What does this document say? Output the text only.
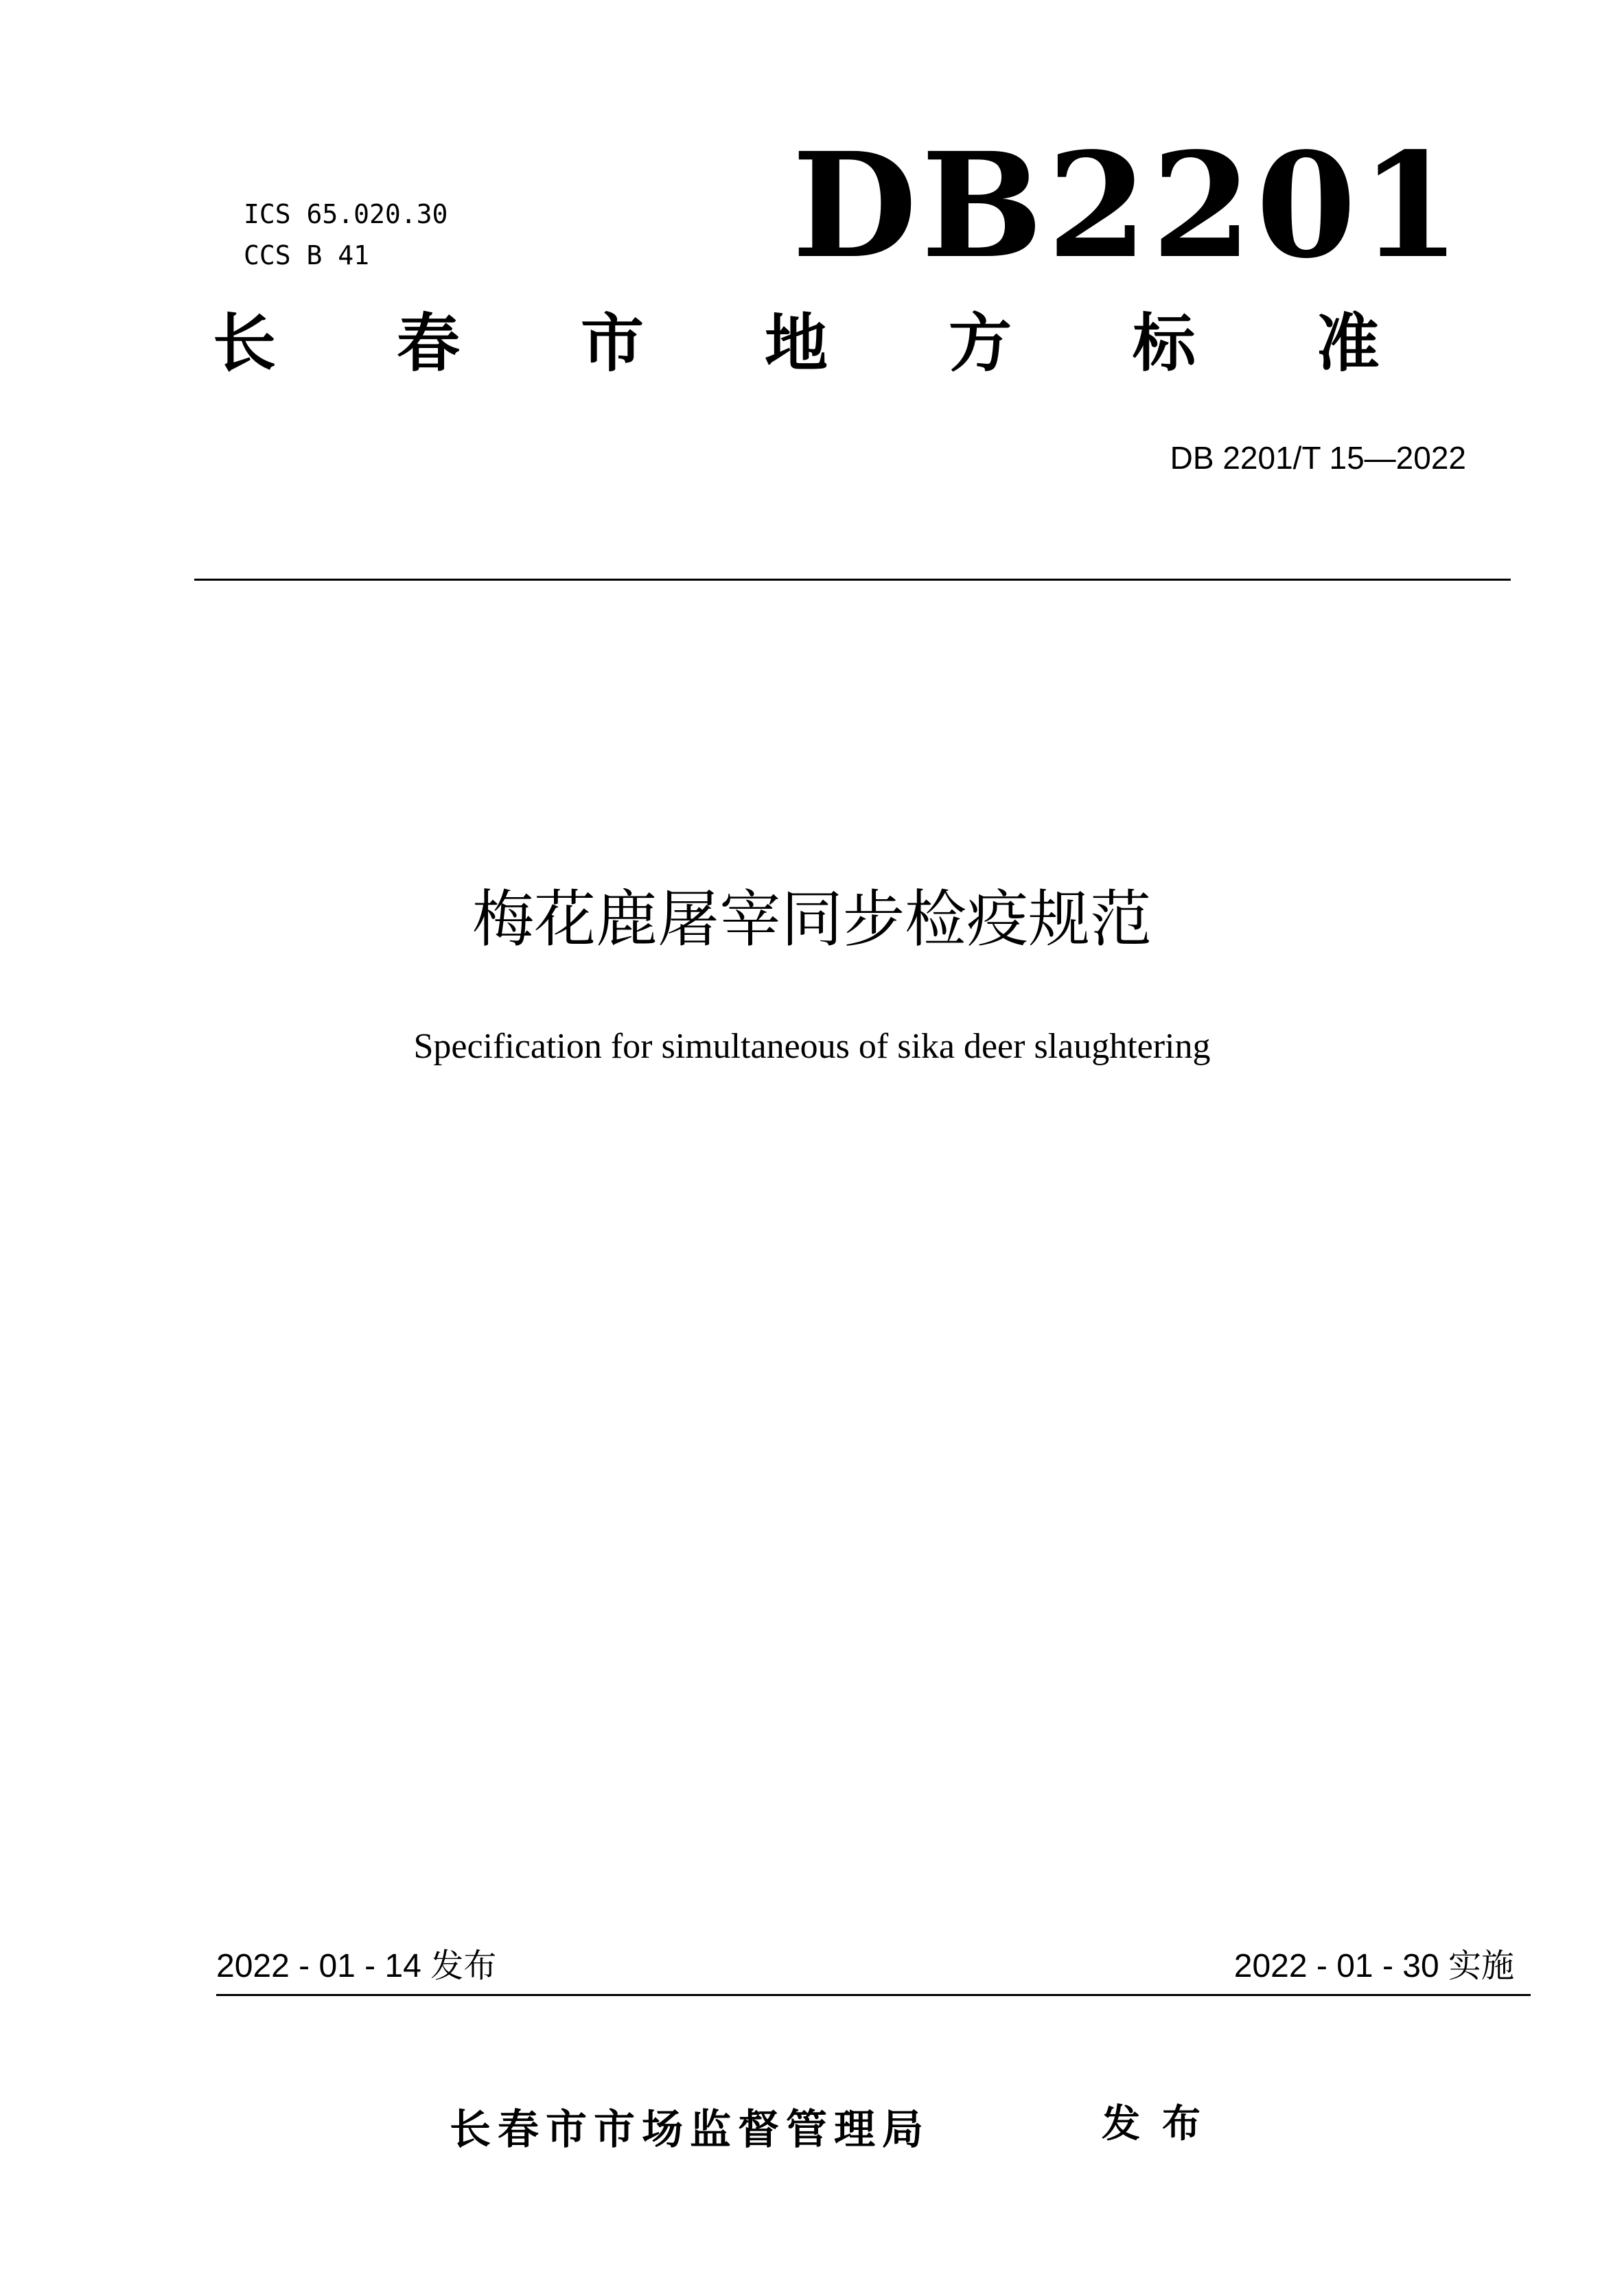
ICS 65.020.30
CCS B 41	DB2201
长 春 市 地 方 标 准
DB 2201/T 15—2022
梅花鹿屠宰同步检疫规范
Specification for simultaneous of sika deer slaughtering
2022 - 01 - 14 发布	2022 - 01 - 30 实施
长春市市场监督管理局	发布
